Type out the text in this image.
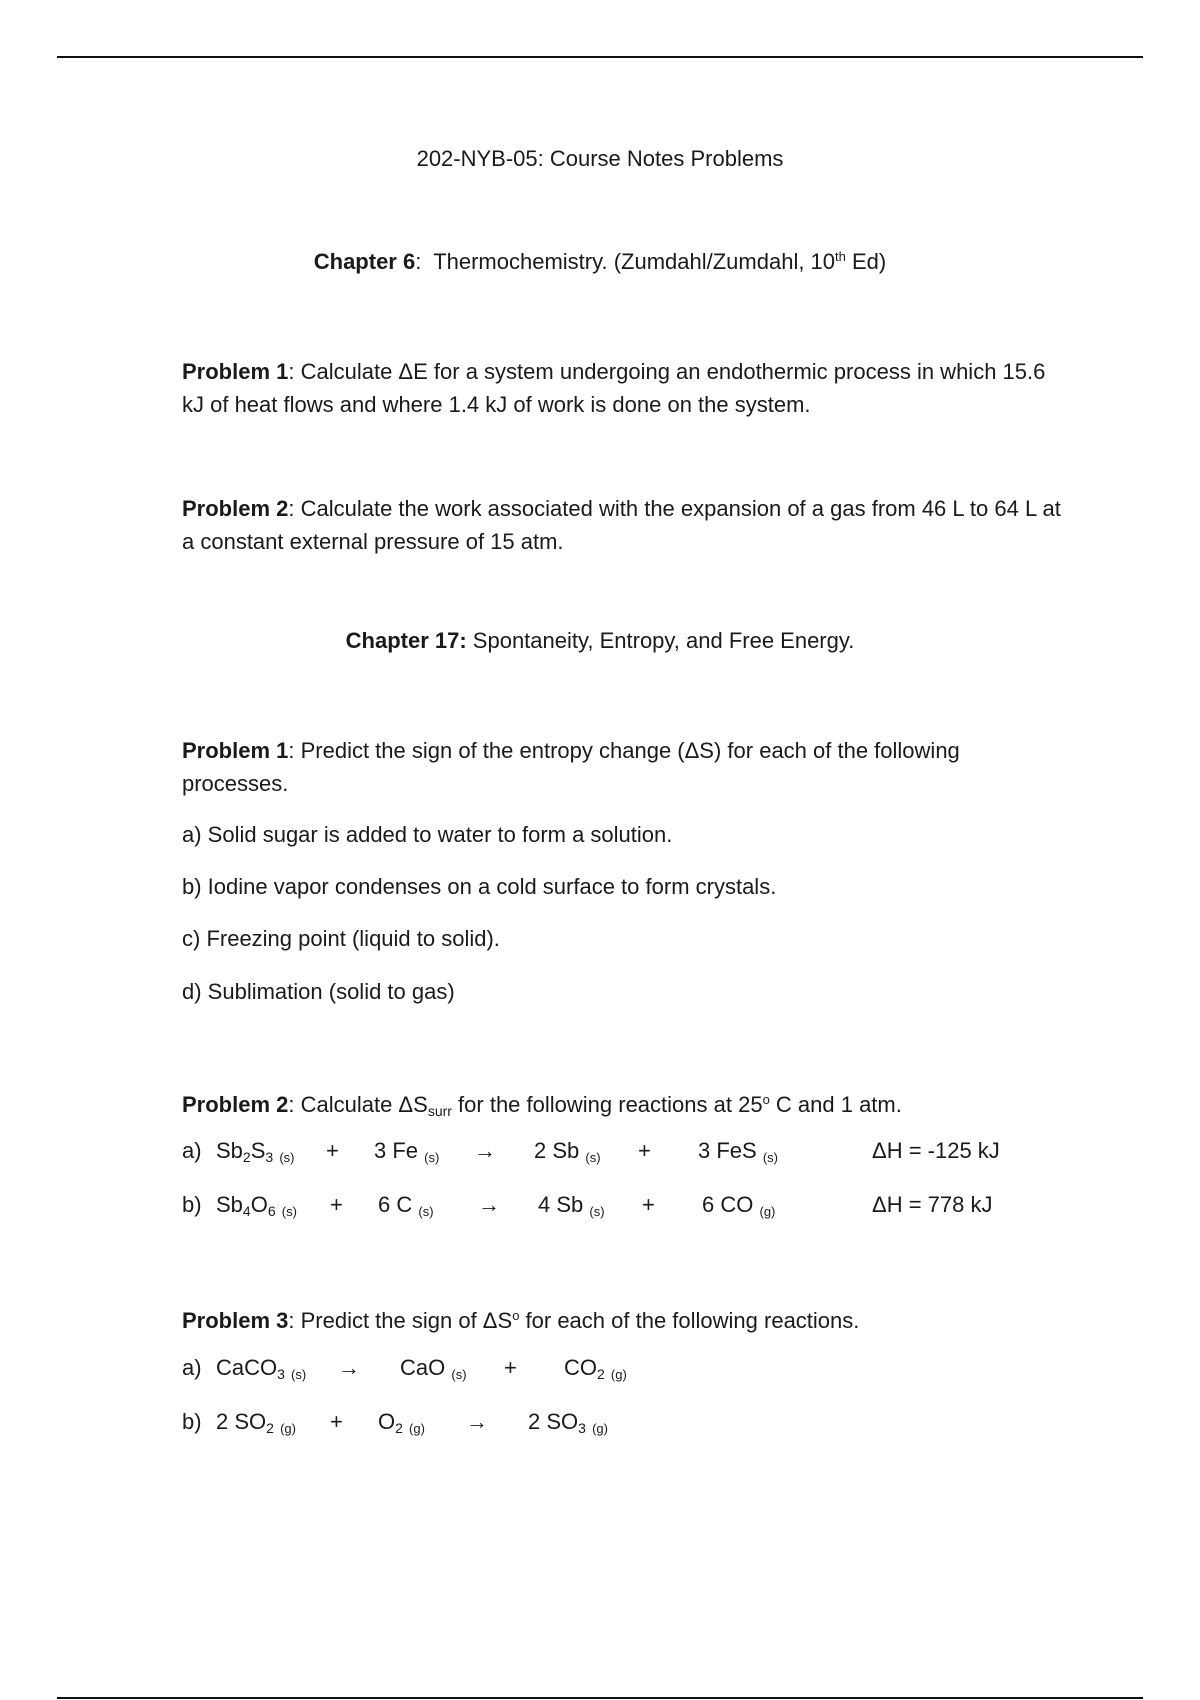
202-NYB-05: Course Notes Problems
Chapter 6: Thermochemistry. (Zumdahl/Zumdahl, 10th Ed)
Problem 1: Calculate ΔE for a system undergoing an endothermic process in which 15.6 kJ of heat flows and where 1.4 kJ of work is done on the system.
Problem 2: Calculate the work associated with the expansion of a gas from 46 L to 64 L at a constant external pressure of 15 atm.
Chapter 17: Spontaneity, Entropy, and Free Energy.
Problem 1: Predict the sign of the entropy change (ΔS) for each of the following processes.
a) Solid sugar is added to water to form a solution.
b) Iodine vapor condenses on a cold surface to form crystals.
c) Freezing point (liquid to solid).
d) Sublimation (solid to gas)
Problem 2: Calculate $\Delta S_{surr}$ for the following reactions at 25$^o$ C and 1 atm.
a) $Sb_2S_3$ $_{(s)}$ + 3 Fe $_{(s)}$ → 2 Sb $_{(s)}$ + 3 FeS $_{(s)}$	ΔH = -125 kJ
b) $Sb_4O_6$ $_{(s)}$ + 6 C $_{(s)}$ → 4 Sb $_{(s)}$ + 6 CO $_{(g)}$	ΔH = 778 kJ
Problem 3: Predict the sign of $\Delta S^o$ for each of the following reactions.
a) CaCO$_3$ $_{(s)}$ → CaO $_{(s)} + CO_2$ $_{(g)}$
b) 2 $SO_2$ $_{(g)} + O_2$ $_{(g)}$ → 2 $SO_3$ $_{(g)}$
